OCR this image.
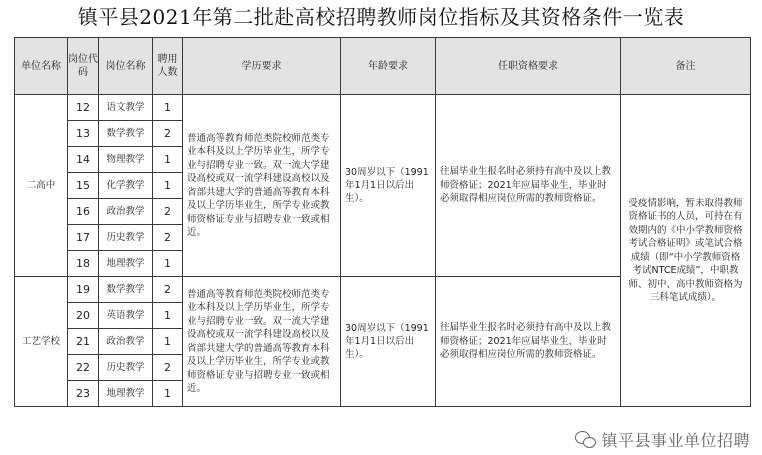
镇平县2021年第二批赴高校招聘教师岗位指标及其资格条件一览表
单位名称	岗位代码	岗位名称	聘用人数	学历要求	年龄要求	任职资格要求	备注
二高中	12	语文教学	1	普通高等教育师范类院校师范类专业本科及以上学历毕业生，所学专业与招聘专业一致。双一流大学建设高校或双一流学科建设高校以及省部共建大学的普通高等教育本科及以上学历毕业生，所学专业或教师资格证专业与招聘专业一致或相近。	30周岁以下（1991年1月1日以后出生）。	往届毕业生报名时必须持有高中及以上教师资格证；2021年应届毕业生，毕业时必须取得相应岗位所需的教师资格证。	受疫情影响，暂未取得教师资格证书的人员，可持在有效期内的《中小学教师资格考试合格证明》或笔试合格成绩（即“中小学教师资格考试NTCE成绩”，中职教师、初中、高中教师资格为三科笔试成绩）。
	13	数学教学	2				
	14	物理教学	1				
	15	化学教学	1				
	16	政治教学	2				
	17	历史教学	2				
	18	地理教学	1				
工艺学校	19	数学教学	2	普通高等教育师范类院校师范类专业本科及以上学历毕业生，所学专业与招聘专业一致。双一流大学建设高校或双一流学科建设高校以及省部共建大学的普通高等教育本科及以上学历毕业生，所学专业或教师资格证专业与招聘专业一致或相近。	30周岁以下（1991年1月1日以后出生）。	往届毕业生报名时必须持有高中及以上教师资格证；2021年应届毕业生，毕业时必须取得相应岗位所需的教师资格证。	
	20	英语教学	1				
	21	政治教学	1				
	22	历史教学	2				
	23	地理教学	1				
镇平县事业单位招聘
